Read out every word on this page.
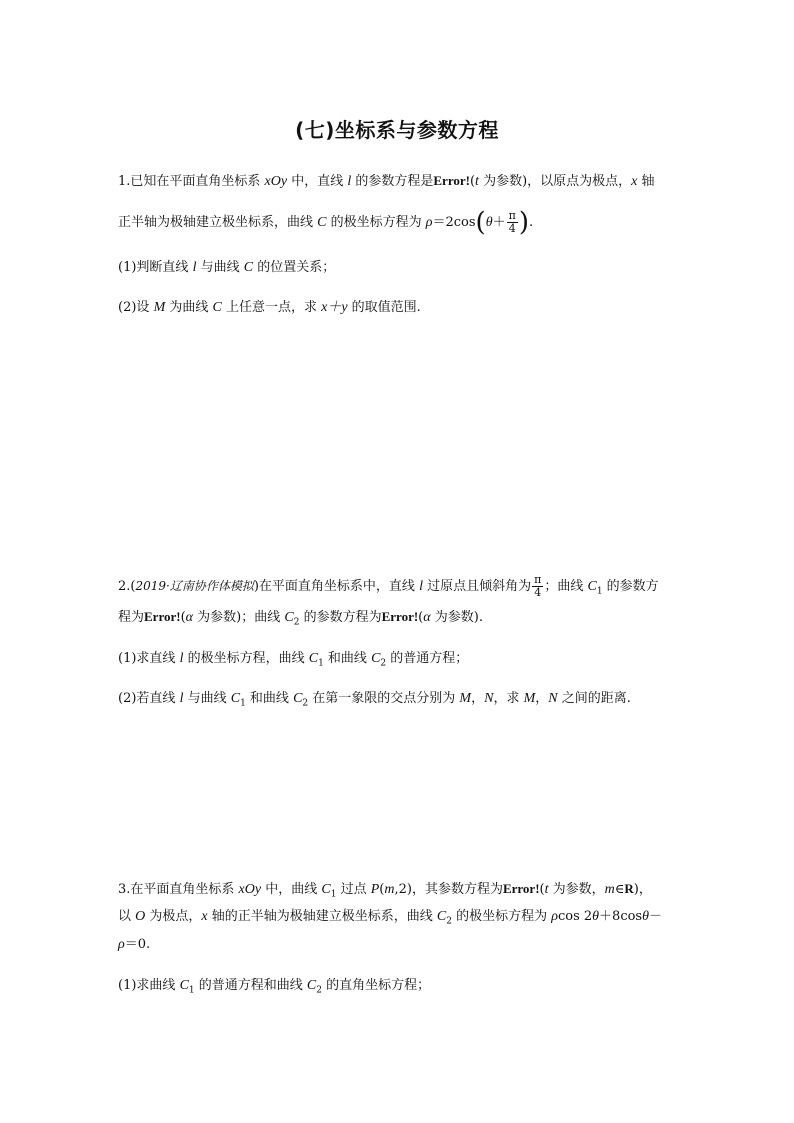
(七)坐标系与参数方程
1.已知在平面直角坐标系 xOy 中，直线 l 的参数方程是Error!(t 为参数)，以原点为极点，x 轴
正半轴为极轴建立极坐标系，曲线 C 的极坐标方程为 $\rho=2\cos(\theta+ \frac{\pi}{4}$ ).
(1)判断直线 l 与曲线 C 的位置关系；
(2)设 M 为曲线 C 上任意一点，求 x＋y 的取值范围.
2.(2019·辽南协作体模拟)在平面直角坐标系中，直线 l 过原点且倾斜角为 $\frac{\pi}{4}$ ；曲线 $C_1$ 的参数方
程为Error!(α 为参数)；曲线 $C_2$ 的参数方程为Error!(α 为参数).
(1)求直线 l 的极坐标方程，曲线 $C_1$ 和曲线 $C_2$ 的普通方程；
(2)若直线 l 与曲线 $C_1$ 和曲线 $C_2$ 在第一象限的交点分别为 M，N，求 M，N 之间的距离.
3.在平面直角坐标系 xOy 中，曲线 $C_1$ 过点 P(m,2)，其参数方程为Error!(t 为参数，m∈R)，
以 O 为极点，x 轴的正半轴为极轴建立极坐标系，曲线 $C_2$ 的极坐标方程为 ρcos 2θ＋8cosθ－
ρ＝0.
(1)求曲线 $C_1$ 的普通方程和曲线 $C_2$ 的直角坐标方程；
